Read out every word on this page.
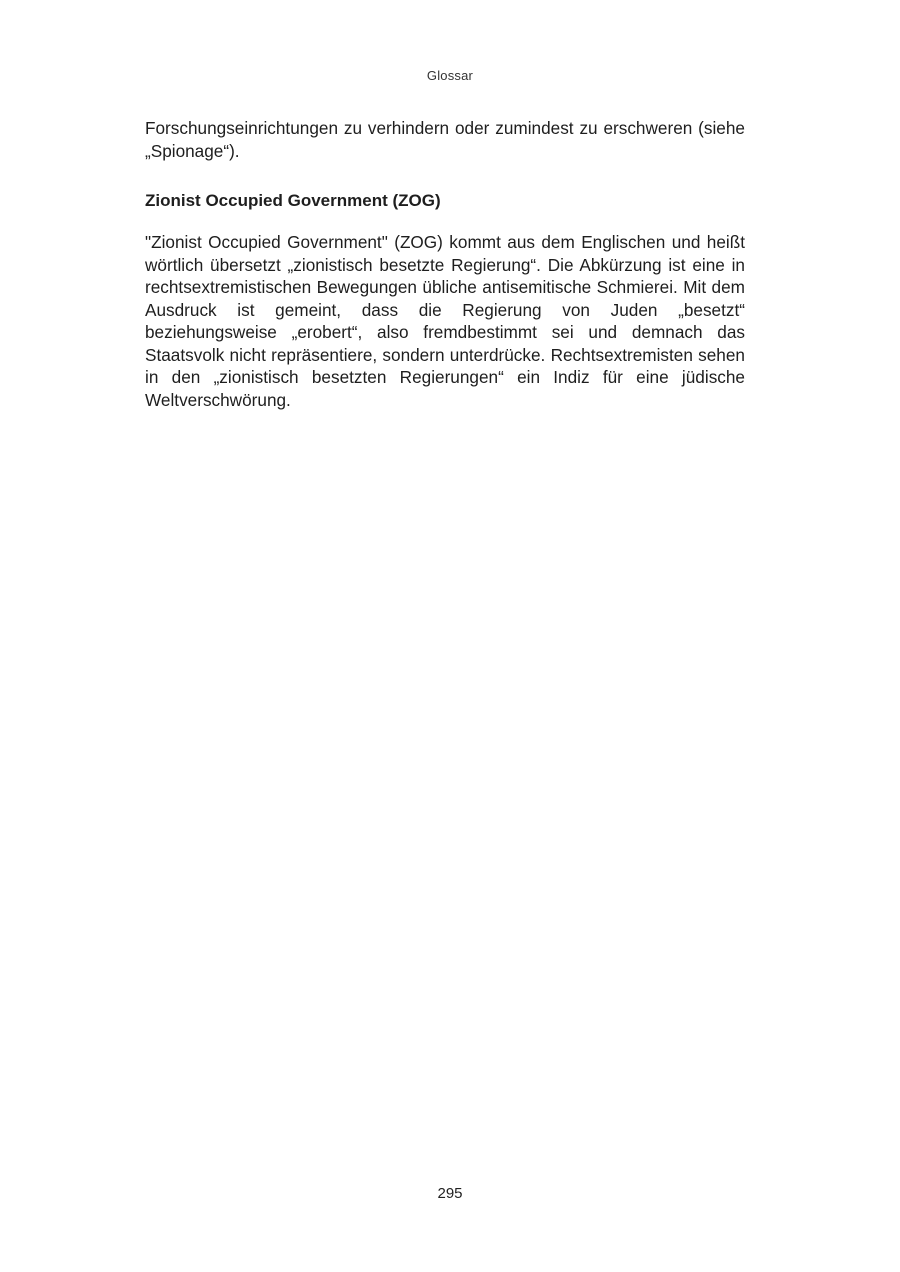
Glossar

Forschungseinrichtungen zu verhindern oder zumindest zu erschweren (siehe „Spionage“).

Zionist Occupied Government (ZOG)

"Zionist Occupied Government" (ZOG) kommt aus dem Englischen und heißt wörtlich übersetzt „zionistisch besetzte Regierung“. Die Abkürzung ist eine in rechtsextremistischen Bewegungen übliche antisemitische Schmierei. Mit dem Ausdruck ist gemeint, dass die Regierung von Juden „besetzt“ beziehungsweise „erobert“, also fremdbestimmt sei und demnach das Staatsvolk nicht repräsentiere, sondern unterdrücke. Rechtsextremisten sehen in den „zionistisch besetzten Regierungen“ ein Indiz für eine jüdische Weltverschwörung.

295
